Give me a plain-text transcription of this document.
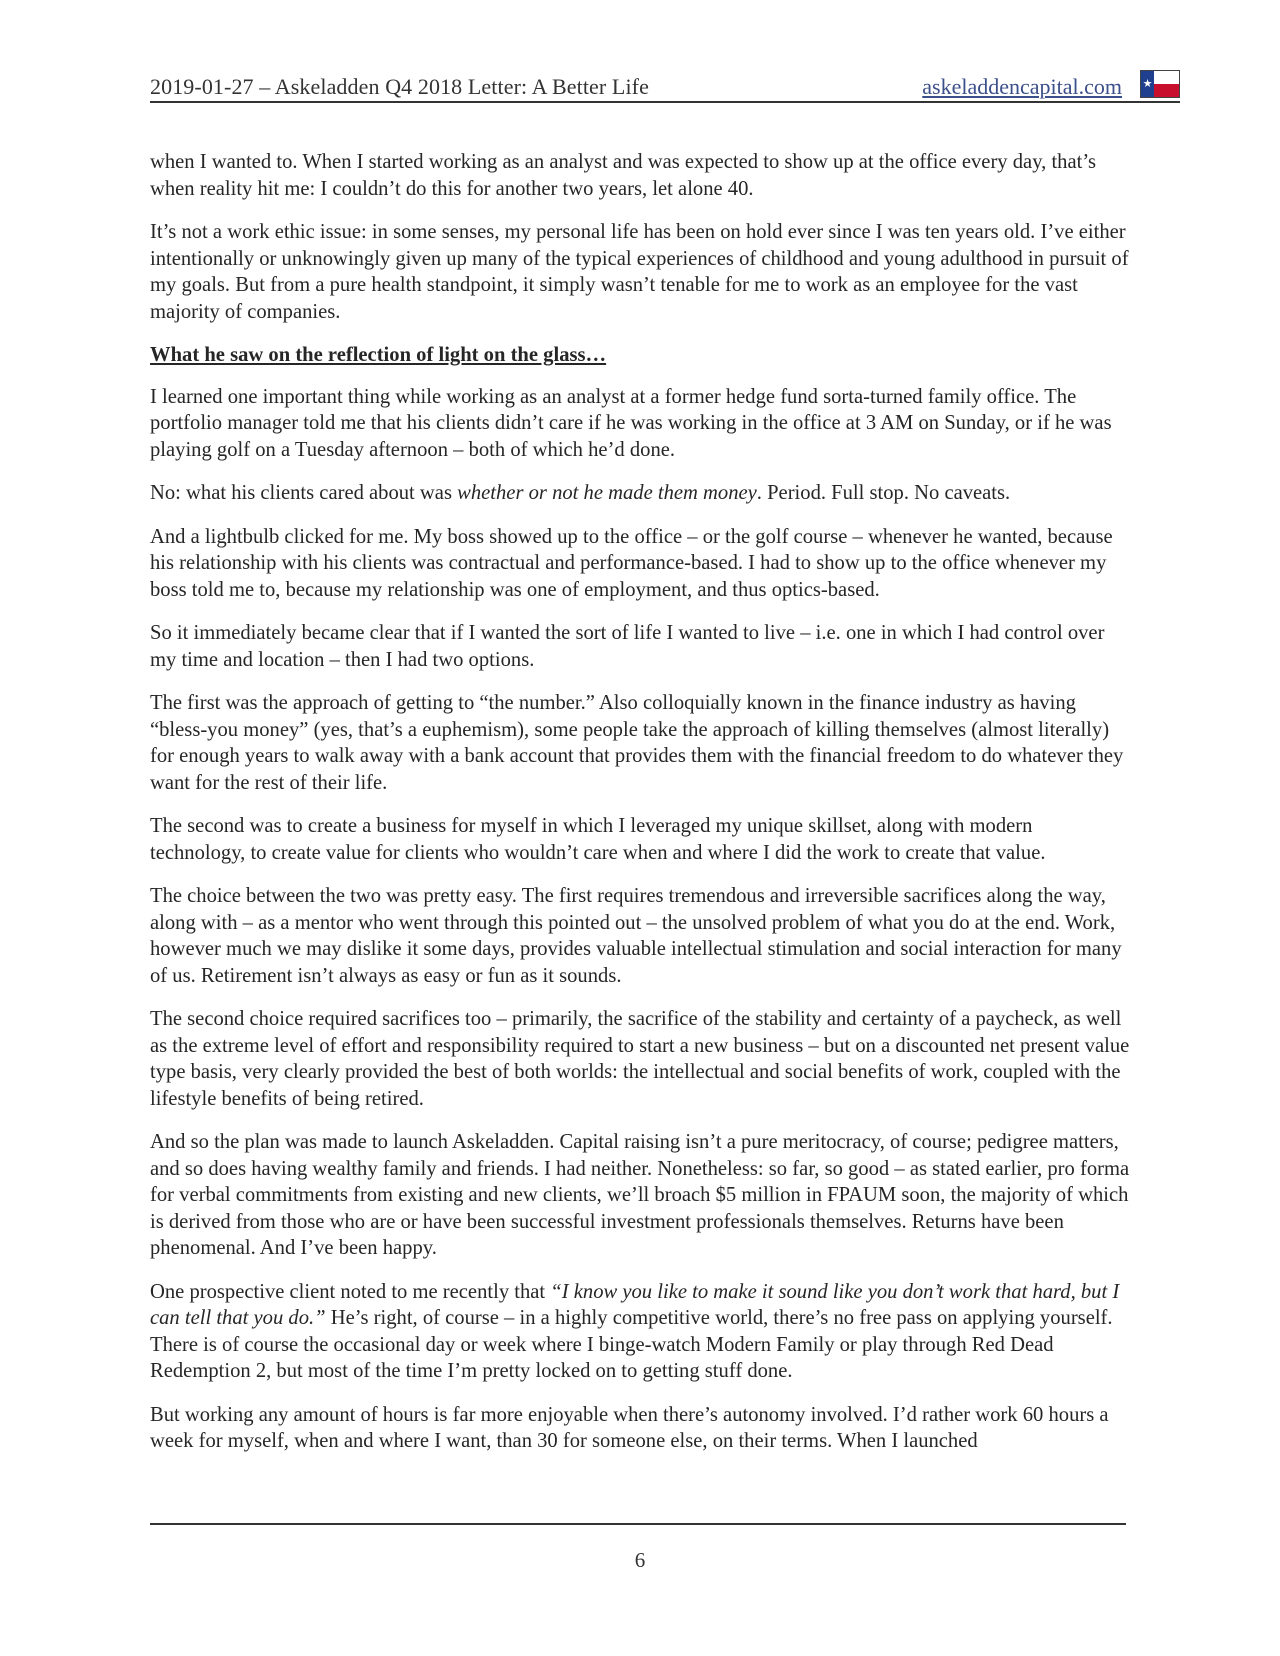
2019-01-27 – Askeladden Q4 2018 Letter: A Better Life	askeladdencapital.com ★

when I wanted to. When I started working as an analyst and was expected to show up at the office every day, that’s when reality hit me: I couldn’t do this for another two years, let alone 40.

It’s not a work ethic issue: in some senses, my personal life has been on hold ever since I was ten years old. I’ve either intentionally or unknowingly given up many of the typical experiences of childhood and young adulthood in pursuit of my goals. But from a pure health standpoint, it simply wasn’t tenable for me to work as an employee for the vast majority of companies.

What he saw on the reflection of light on the glass…

I learned one important thing while working as an analyst at a former hedge fund sorta-turned family office. The portfolio manager told me that his clients didn’t care if he was working in the office at 3 AM on Sunday, or if he was playing golf on a Tuesday afternoon – both of which he’d done.

No: what his clients cared about was whether or not he made them money. Period. Full stop. No caveats.

And a lightbulb clicked for me. My boss showed up to the office – or the golf course – whenever he wanted, because his relationship with his clients was contractual and performance-based. I had to show up to the office whenever my boss told me to, because my relationship was one of employment, and thus optics-based.

So it immediately became clear that if I wanted the sort of life I wanted to live – i.e. one in which I had control over my time and location – then I had two options.

The first was the approach of getting to “the number.” Also colloquially known in the finance industry as having “bless-you money” (yes, that’s a euphemism), some people take the approach of killing themselves (almost literally) for enough years to walk away with a bank account that provides them with the financial freedom to do whatever they want for the rest of their life.

The second was to create a business for myself in which I leveraged my unique skillset, along with modern technology, to create value for clients who wouldn’t care when and where I did the work to create that value.

The choice between the two was pretty easy. The first requires tremendous and irreversible sacrifices along the way, along with – as a mentor who went through this pointed out – the unsolved problem of what you do at the end. Work, however much we may dislike it some days, provides valuable intellectual stimulation and social interaction for many of us. Retirement isn’t always as easy or fun as it sounds.

The second choice required sacrifices too – primarily, the sacrifice of the stability and certainty of a paycheck, as well as the extreme level of effort and responsibility required to start a new business – but on a discounted net present value type basis, very clearly provided the best of both worlds: the intellectual and social benefits of work, coupled with the lifestyle benefits of being retired.

And so the plan was made to launch Askeladden. Capital raising isn’t a pure meritocracy, of course; pedigree matters, and so does having wealthy family and friends. I had neither. Nonetheless: so far, so good – as stated earlier, pro forma for verbal commitments from existing and new clients, we’ll broach $5 million in FPAUM soon, the majority of which is derived from those who are or have been successful investment professionals themselves. Returns have been phenomenal. And I’ve been happy.

One prospective client noted to me recently that “I know you like to make it sound like you don’t work that hard, but I can tell that you do.” He’s right, of course – in a highly competitive world, there’s no free pass on applying yourself. There is of course the occasional day or week where I binge-watch Modern Family or play through Red Dead Redemption 2, but most of the time I’m pretty locked on to getting stuff done.

But working any amount of hours is far more enjoyable when there’s autonomy involved. I’d rather work 60 hours a week for myself, when and where I want, than 30 for someone else, on their terms. When I launched

6
